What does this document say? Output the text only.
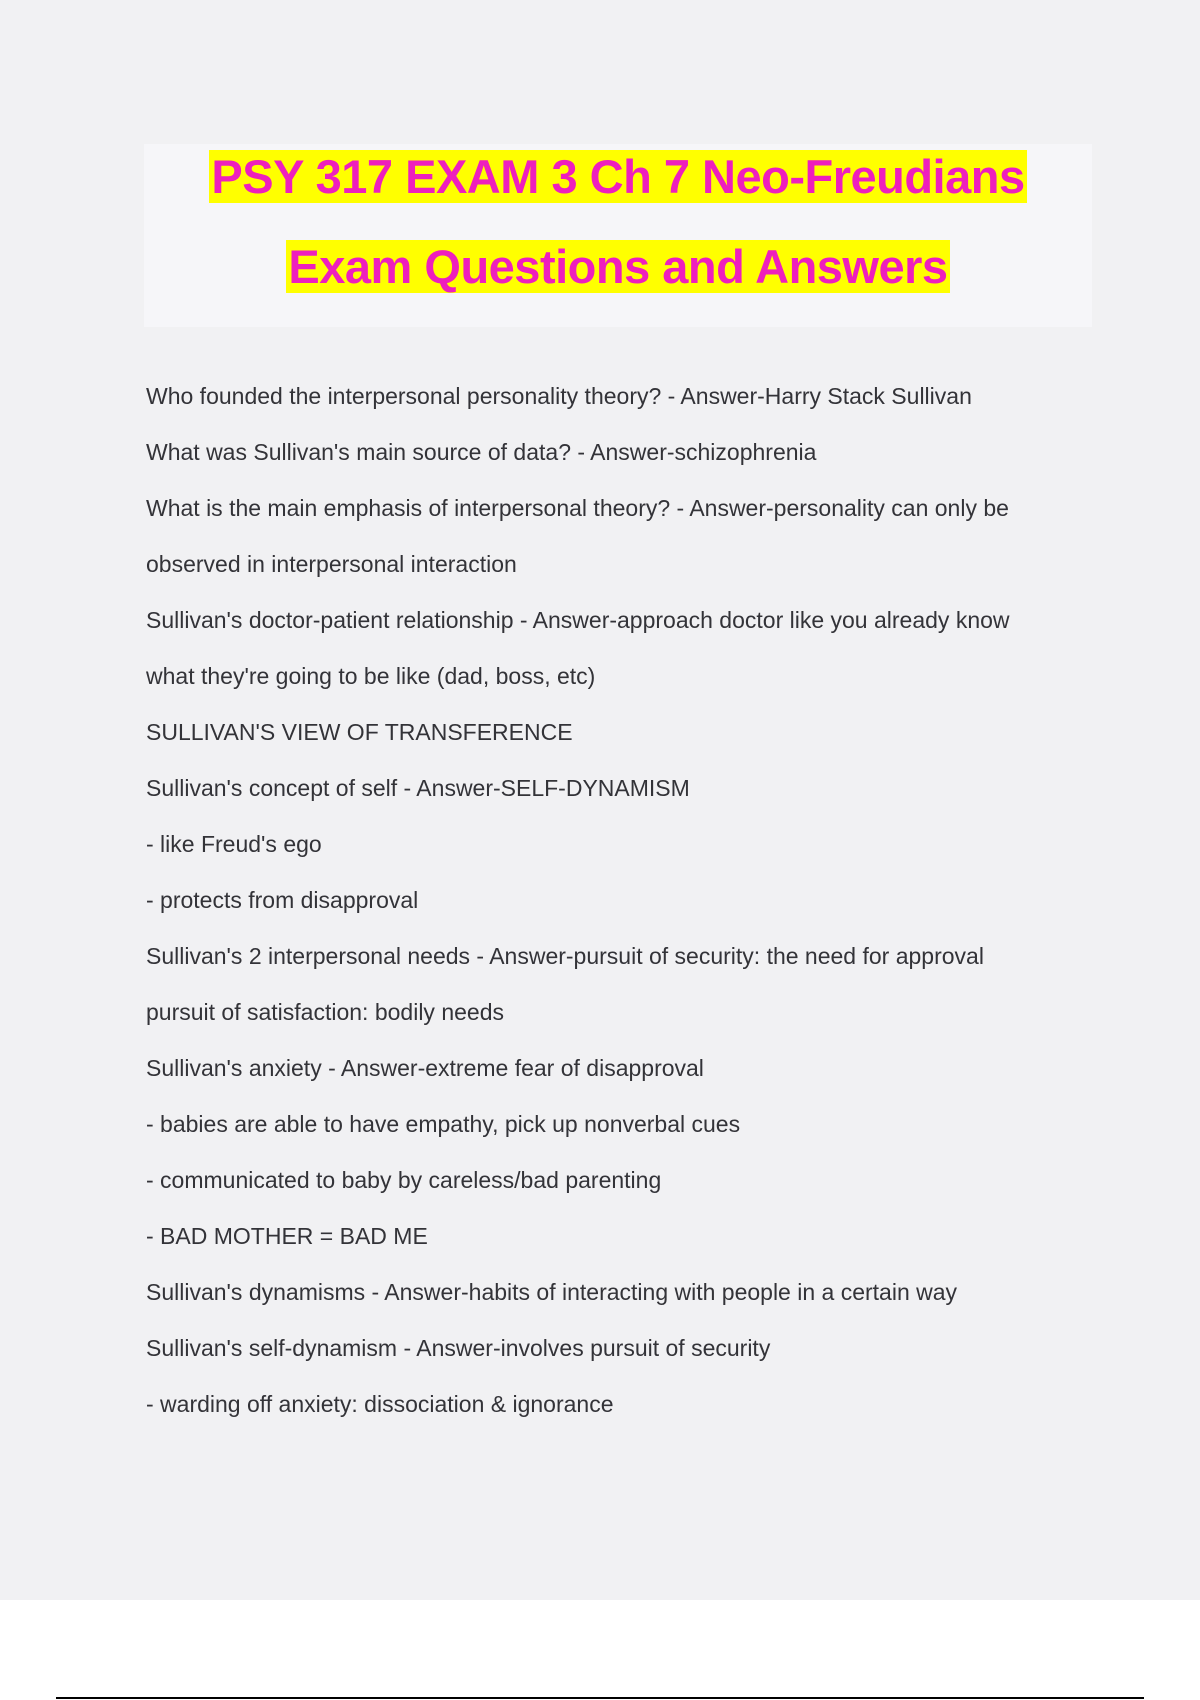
PSY 317 EXAM 3 Ch 7 Neo-Freudians
Exam Questions and Answers
Who founded the interpersonal personality theory? - Answer-Harry Stack Sullivan
What was Sullivan's main source of data? - Answer-schizophrenia
What is the main emphasis of interpersonal theory? - Answer-personality can only be
observed in interpersonal interaction
Sullivan's doctor-patient relationship - Answer-approach doctor like you already know
what they're going to be like (dad, boss, etc)
SULLIVAN'S VIEW OF TRANSFERENCE
Sullivan's concept of self - Answer-SELF-DYNAMISM
- like Freud's ego
- protects from disapproval
Sullivan's 2 interpersonal needs - Answer-pursuit of security: the need for approval
pursuit of satisfaction: bodily needs
Sullivan's anxiety - Answer-extreme fear of disapproval
- babies are able to have empathy, pick up nonverbal cues
- communicated to baby by careless/bad parenting
- BAD MOTHER = BAD ME
Sullivan's dynamisms - Answer-habits of interacting with people in a certain way
Sullivan's self-dynamism - Answer-involves pursuit of security
- warding off anxiety: dissociation & ignorance
